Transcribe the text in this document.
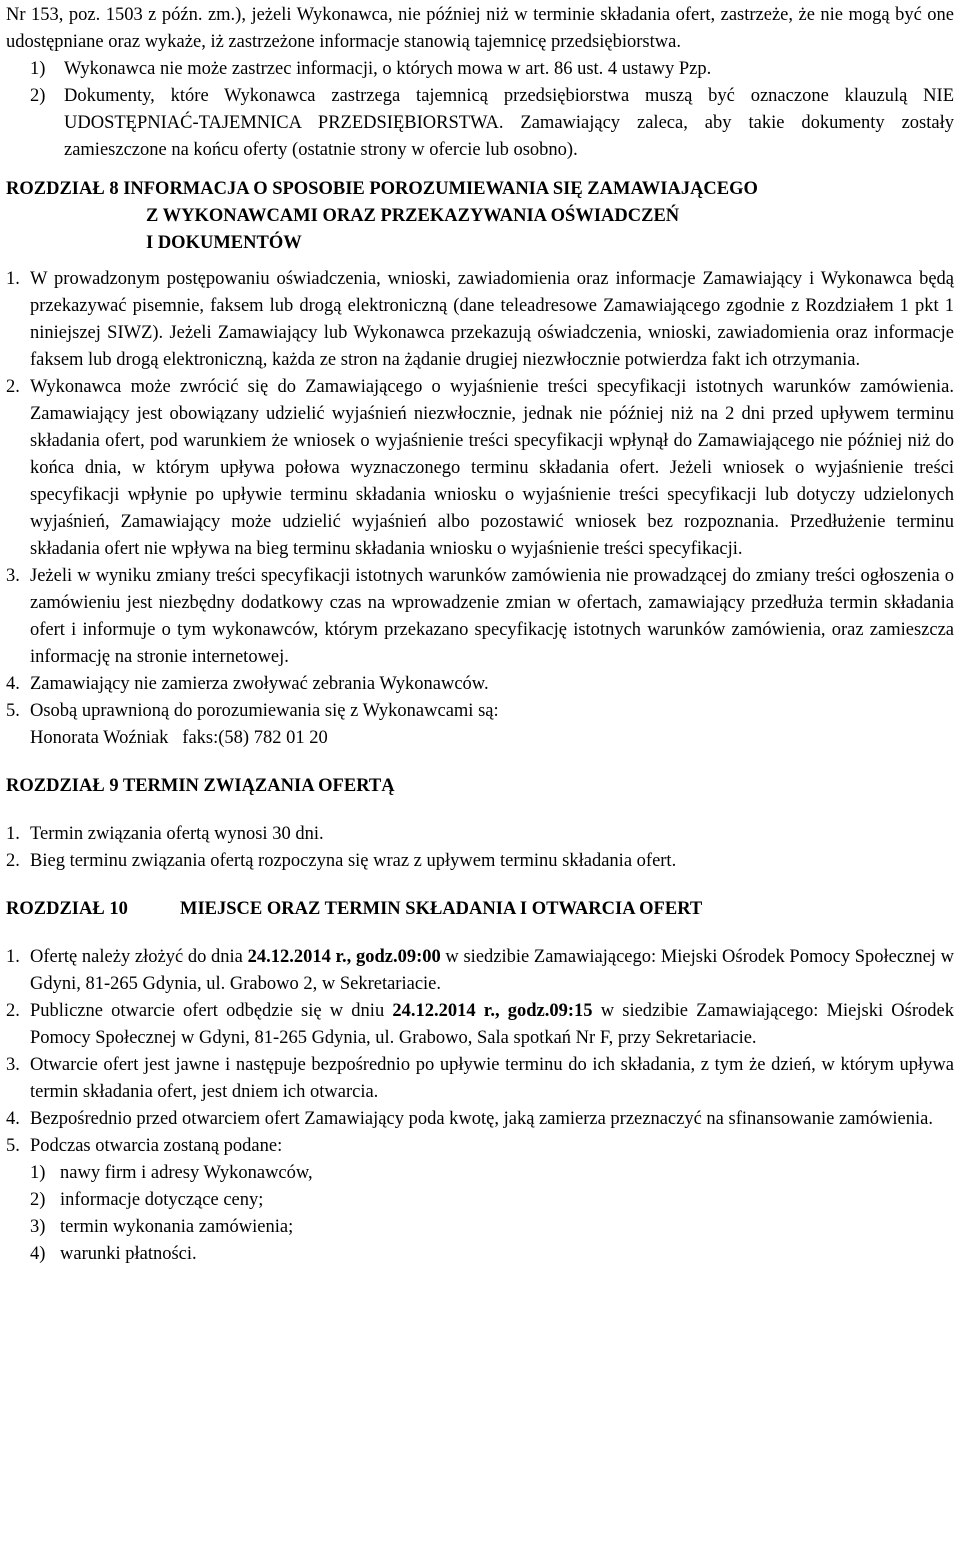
Nr 153, poz. 1503 z późn. zm.), jeżeli Wykonawca, nie później niż w terminie składania ofert, zastrzeże, że nie mogą być one udostępniane oraz wykaże, iż zastrzeżone informacje stanowią tajemnicę przedsiębiorstwa.

1)	Wykonawca nie może zastrzec informacji, o których mowa w art. 86 ust. 4 ustawy Pzp.
2)	Dokumenty, które Wykonawca zastrzega tajemnicą przedsiębiorstwa muszą być oznaczone klauzulą NIE UDOSTĘPNIAĆ-TAJEMNICA PRZEDSIĘBIORSTWA. Zamawiający zaleca, aby takie dokumenty zostały zamieszczone na końcu oferty (ostatnie strony w ofercie lub osobno).
ROZDZIAŁ 8 INFORMACJA O SPOSOBIE POROZUMIEWANIA SIĘ ZAMAWIAJĄCEGO
Z WYKONAWCAMI ORAZ PRZEKAZYWANIA OŚWIADCZEŃ
I DOKUMENTÓW
1. W prowadzonym postępowaniu oświadczenia, wnioski, zawiadomienia oraz informacje Zamawiający i Wykonawca będą przekazywać pisemnie, faksem lub drogą elektroniczną (dane teleadresowe Zamawiającego zgodnie z Rozdziałem 1 pkt 1 niniejszej SIWZ). Jeżeli Zamawiający lub Wykonawca przekazują oświadczenia, wnioski, zawiadomienia oraz informacje faksem lub drogą elektroniczną, każda ze stron na żądanie drugiej niezwłocznie potwierdza fakt ich otrzymania.
2. Wykonawca może zwrócić się do Zamawiającego o wyjaśnienie treści specyfikacji istotnych warunków zamówienia. Zamawiający jest obowiązany udzielić wyjaśnień niezwłocznie, jednak nie później niż na 2 dni przed upływem terminu składania ofert, pod warunkiem że wniosek o wyjaśnienie treści specyfikacji wpłynął do Zamawiającego nie później niż do końca dnia, w którym upływa połowa wyznaczonego terminu składania ofert. Jeżeli wniosek o wyjaśnienie treści specyfikacji wpłynie po upływie terminu składania wniosku o wyjaśnienie treści specyfikacji lub dotyczy udzielonych wyjaśnień, Zamawiający może udzielić wyjaśnień albo pozostawić wniosek bez rozpoznania. Przedłużenie terminu składania ofert nie wpływa na bieg terminu składania wniosku o wyjaśnienie treści specyfikacji.
3. Jeżeli w wyniku zmiany treści specyfikacji istotnych warunków zamówienia nie prowadzącej do zmiany treści ogłoszenia o zamówieniu jest niezbędny dodatkowy czas na wprowadzenie zmian w ofertach, zamawiający przedłuża termin składania ofert i informuje o tym wykonawców, którym przekazano specyfikację istotnych warunków zamówienia, oraz zamieszcza informację na stronie internetowej.
4. Zamawiający nie zamierza zwoływać zebrania Wykonawców.
5. Osobą uprawnioną do porozumiewania się z Wykonawcami są:

Honorata Woźniak   faks:(58) 782 01 20

ROZDZIAŁ 9 TERMIN ZWIĄZANIA OFERTĄ
1. Termin związania ofertą wynosi 30 dni.
2. Bieg terminu związania ofertą rozpoczyna się wraz z upływem terminu składania ofert.
ROZDZIAŁ 10	MIEJSCE ORAZ TERMIN SKŁADANIA I OTWARCIA OFERT
1. Ofertę należy złożyć do dnia 24.12.2014 r., godz.09:00 w siedzibie Zamawiającego: Miejski Ośrodek Pomocy Społecznej w Gdyni, 81-265 Gdynia, ul. Grabowo 2, w Sekretariacie.
2. Publiczne otwarcie ofert odbędzie się w dniu 24.12.2014 r., godz.09:15 w siedzibie Zamawiającego: Miejski Ośrodek Pomocy Społecznej w Gdyni, 81-265 Gdynia, ul. Grabowo, Sala spotkań Nr F, przy Sekretariacie.
3. Otwarcie ofert jest jawne i następuje bezpośrednio po upływie terminu do ich składania, z tym że dzień, w którym upływa termin składania ofert, jest dniem ich otwarcia.
4. Bezpośrednio przed otwarciem ofert Zamawiający poda kwotę, jaką zamierza przeznaczyć na sfinansowanie zamówienia.
5. Podczas otwarcia zostaną podane:
1) nawy firm i adresy Wykonawców,
2) informacje dotyczące ceny;
3) termin wykonania zamówienia;
4) warunki płatności.
